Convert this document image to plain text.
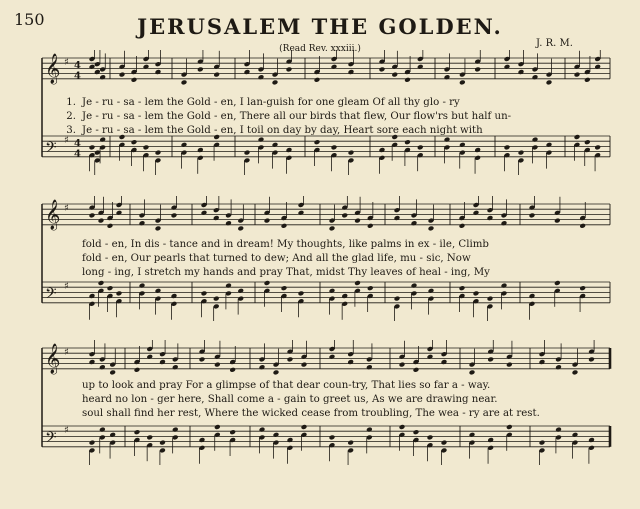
150	JERUSALEM THE GOLDEN.
(Read Rev. xxxiii.)	J. R. M.
𝄞 ♯ 4
4
𝄢 ♯ 4
4
1. Je - ru - sa - lem the Gold - en, I lan-guish for one gleam Of all thy glo - ry
2. Je - ru - sa - lem the Gold - en, There all our birds that flew, Our flow'rs but half un-
3. Je - ru - sa - lem the Gold - en, I toil on day by day, Heart sore each night with
𝄞 ♯
𝄢 ♯
fold - en, In dis - tance and in dream! My thoughts, like palms in ex - ile, Climb
fold - en, Our pearls that turned to dew; And all the glad life, mu - sic, Now
long - ing, I stretch my hands and pray That, midst Thy leaves of heal - ing, My
𝄞 ♯
𝄢 ♯
up to look and pray For a glimpse of that dear coun-try, That lies so far a - way.
heard no lon - ger here, Shall come a - gain to greet us, As we are drawing near.
soul shall find her rest, Where the wicked cease from troubling, The wea - ry are at rest.
